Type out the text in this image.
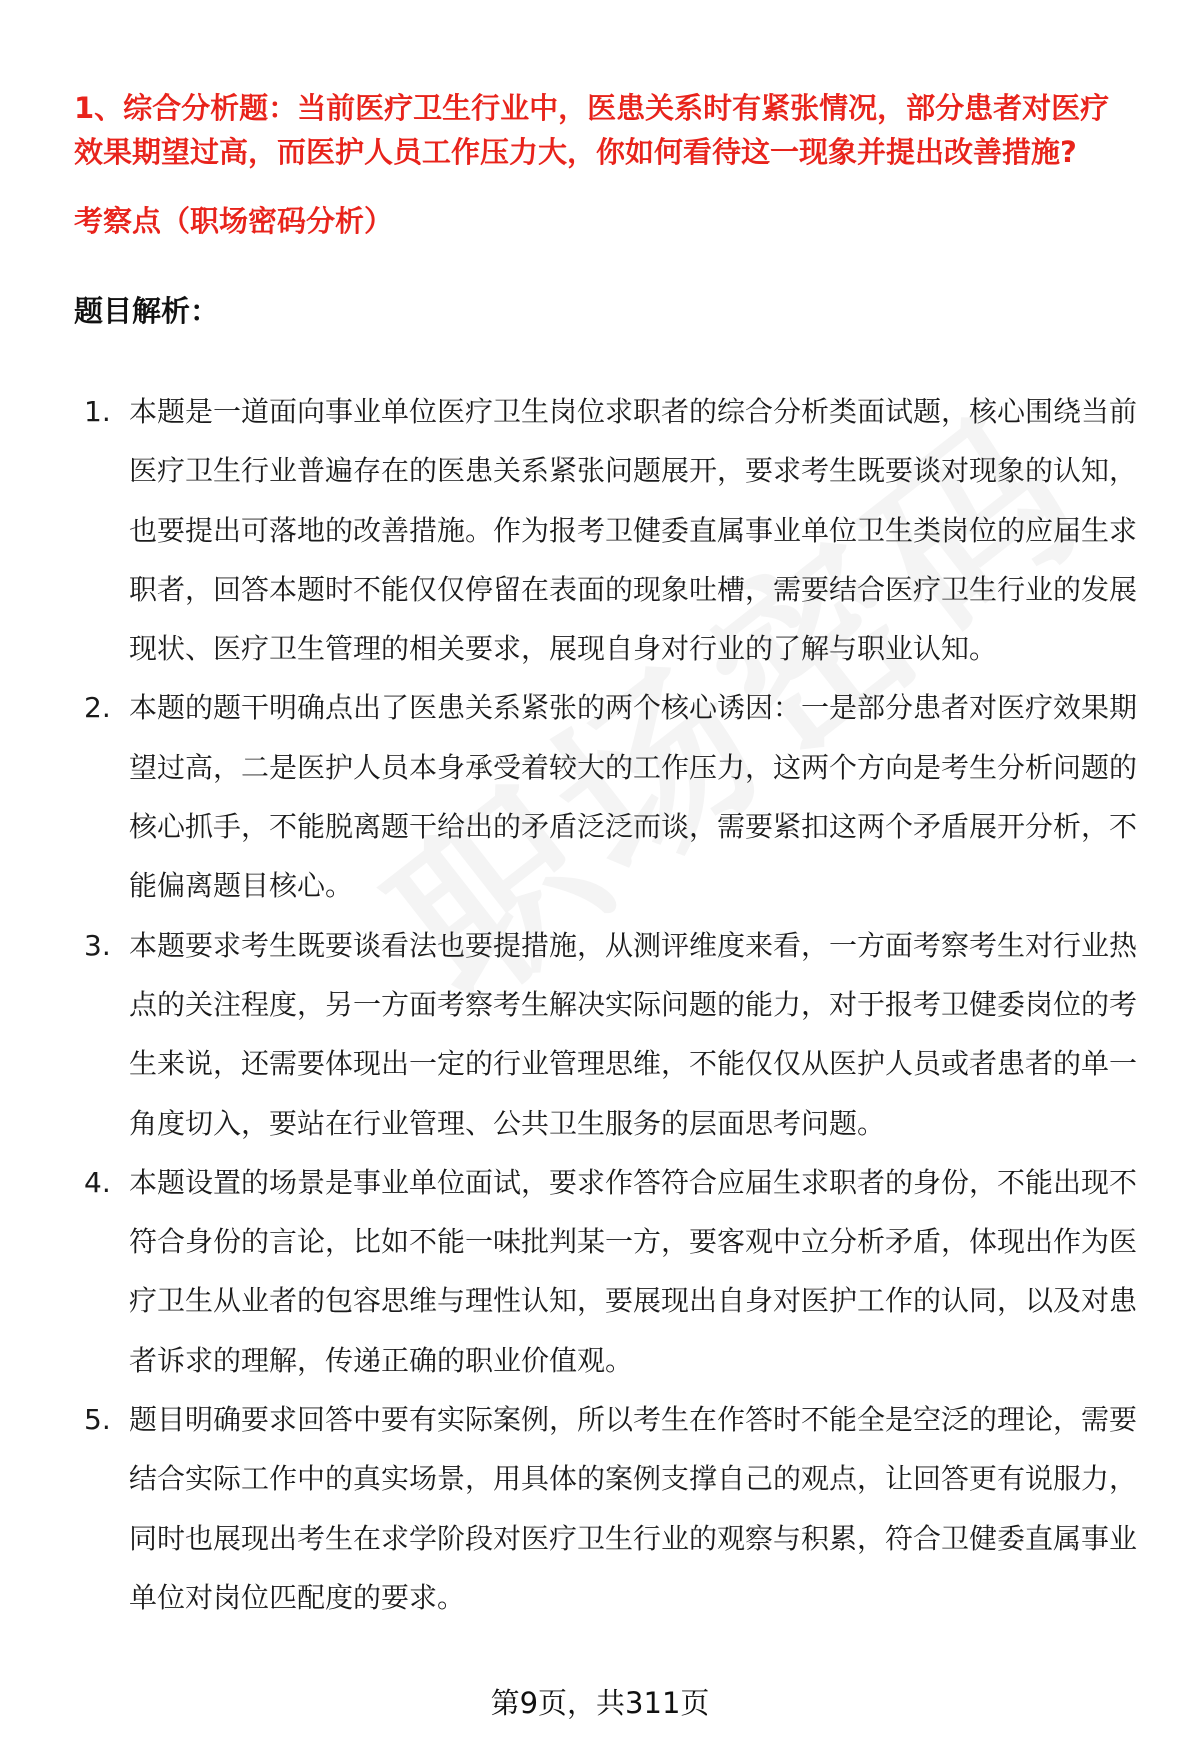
1、综合分析题：当前医疗卫生行业中，医患关系时有紧张情况，部分患者对医疗效果期望过高，而医护人员工作压力大，你如何看待这一现象并提出改善措施?

考察点（职场密码分析）

题目解析：

1. 本题是一道面向事业单位医疗卫生岗位求职者的综合分析类面试题，核心围绕当前医疗卫生行业普遍存在的医患关系紧张问题展开，要求考生既要谈对现象的认知，也要提出可落地的改善措施。作为报考卫健委直属事业单位卫生类岗位的应届生求职者，回答本题时不能仅仅停留在表面的现象吐槽，需要结合医疗卫生行业的发展现状、医疗卫生管理的相关要求，展现自身对行业的了解与职业认知。
2. 本题的题干明确点出了医患关系紧张的两个核心诱因：一是部分患者对医疗效果期望过高，二是医护人员本身承受着较大的工作压力，这两个方向是考生分析问题的核心抓手，不能脱离题干给出的矛盾泛泛而谈，需要紧扣这两个矛盾展开分析，不能偏离题目核心。
3. 本题要求考生既要谈看法也要提措施，从测评维度来看，一方面考察考生对行业热点的关注程度，另一方面考察考生解决实际问题的能力，对于报考卫健委岗位的考生来说，还需要体现出一定的行业管理思维，不能仅仅从医护人员或者患者的单一角度切入，要站在行业管理、公共卫生服务的层面思考问题。
4. 本题设置的场景是事业单位面试，要求作答符合应届生求职者的身份，不能出现不符合身份的言论，比如不能一味批判某一方，要客观中立分析矛盾，体现出作为医疗卫生从业者的包容思维与理性认知，要展现出自身对医护工作的认同，以及对患者诉求的理解，传递正确的职业价值观。
5. 题目明确要求回答中要有实际案例，所以考生在作答时不能全是空泛的理论，需要结合实际工作中的真实场景，用具体的案例支撑自己的观点，让回答更有说服力，同时也展现出考生在求学阶段对医疗卫生行业的观察与积累，符合卫健委直属事业单位对岗位匹配度的要求。
第9页，共311页
